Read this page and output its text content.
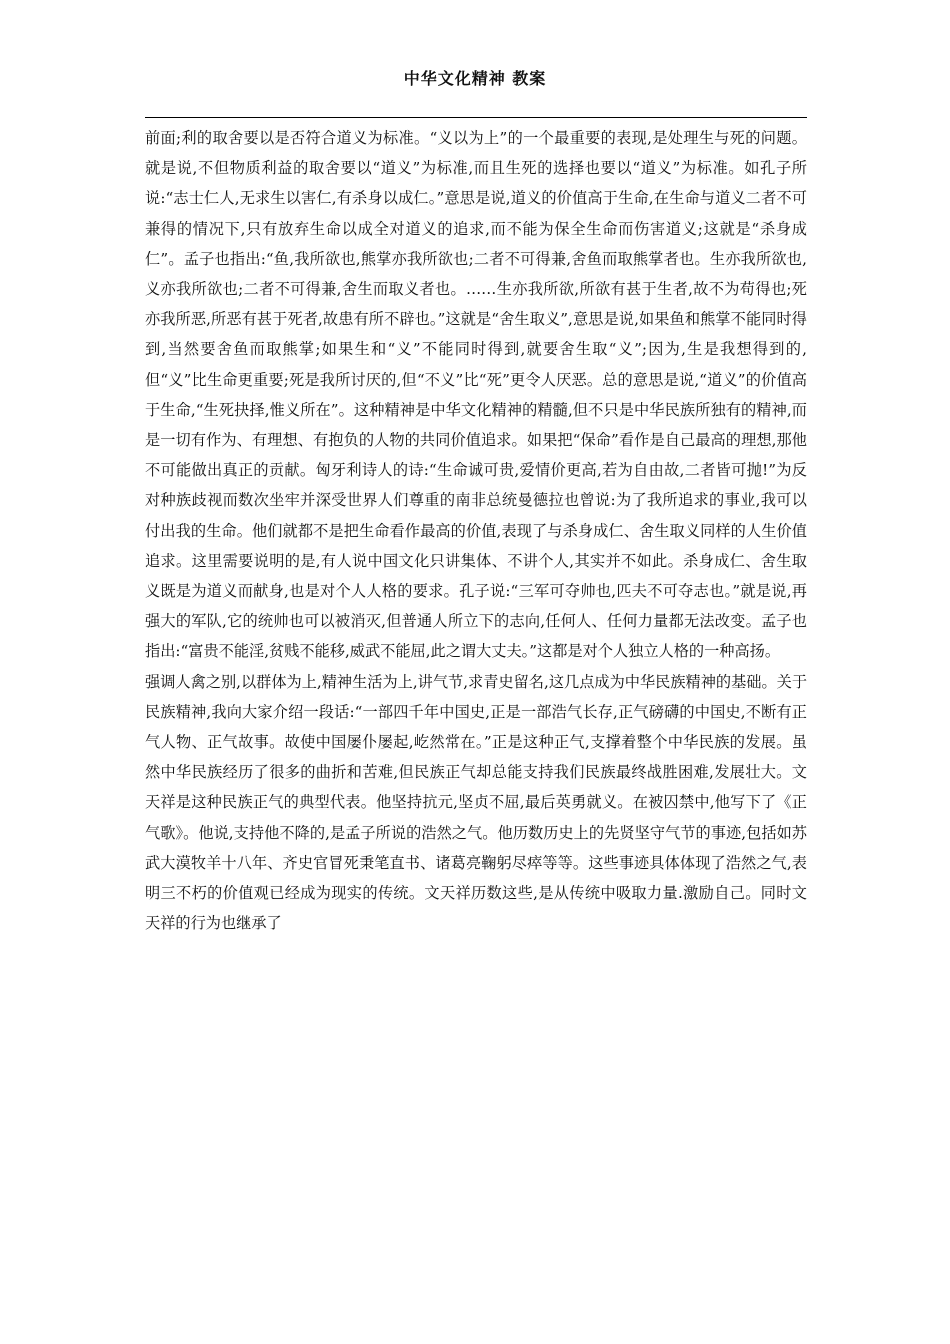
中华文化精神 教案

前面;利的取舍要以是否符合道义为标准。“义以为上”的一个最重要的表现,是处理生与死的问题。就是说,不但物质利益的取舍要以“道义”为标准,而且生死的选择也要以“道义”为标准。如孔子所说:“志士仁人,无求生以害仁,有杀身以成仁。”意思是说,道义的价值高于生命,在生命与道义二者不可兼得的情况下,只有放弃生命以成全对道义的追求,而不能为保全生命而伤害道义;这就是“杀身成仁”。孟子也指出:“鱼,我所欲也,熊掌亦我所欲也;二者不可得兼,舍鱼而取熊掌者也。生亦我所欲也,义亦我所欲也;二者不可得兼,舍生而取义者也。……生亦我所欲,所欲有甚于生者,故不为苟得也;死亦我所恶,所恶有甚于死者,故患有所不辟也。”这就是“舍生取义”,意思是说,如果鱼和熊掌不能同时得到,当然要舍鱼而取熊掌;如果生和“义”不能同时得到,就要舍生取“义”;因为,生是我想得到的,但“义”比生命更重要;死是我所讨厌的,但“不义”比“死”更令人厌恶。总的意思是说,“道义”的价值高于生命,“生死抉择,惟义所在”。这种精神是中华文化精神的精髓,但不只是中华民族所独有的精神,而是一切有作为、有理想、有抱负的人物的共同价值追求。如果把“保命”看作是自己最高的理想,那他不可能做出真正的贡献。匈牙利诗人的诗:“生命诚可贵,爱情价更高,若为自由故,二者皆可抛!”为反对种族歧视而数次坐牢并深受世界人们尊重的南非总统曼德拉也曾说:为了我所追求的事业,我可以付出我的生命。他们就都不是把生命看作最高的价值,表现了与杀身成仁、舍生取义同样的人生价值追求。这里需要说明的是,有人说中国文化只讲集体、不讲个人,其实并不如此。杀身成仁、舍生取义既是为道义而献身,也是对个人人格的要求。孔子说:“三军可夺帅也,匹夫不可夺志也。”就是说,再强大的军队,它的统帅也可以被消灭,但普通人所立下的志向,任何人、任何力量都无法改变。孟子也指出:“富贵不能淫,贫贱不能移,威武不能屈,此之谓大丈夫。”这都是对个人独立人格的一种高扬。

强调人禽之别,以群体为上,精神生活为上,讲气节,求青史留名,这几点成为中华民族精神的基础。关于民族精神,我向大家介绍一段话:“一部四千年中国史,正是一部浩气长存,正气磅礴的中国史,不断有正气人物、正气故事。故使中国屡仆屡起,屹然常在。”正是这种正气,支撑着整个中华民族的发展。虽然中华民族经历了很多的曲折和苦难,但民族正气却总能支持我们民族最终战胜困难,发展壮大。文天祥是这种民族正气的典型代表。他坚持抗元,坚贞不屈,最后英勇就义。在被囚禁中,他写下了《正气歌》。他说,支持他不降的,是孟子所说的浩然之气。他历数历史上的先贤坚守气节的事迹,包括如苏武大漠牧羊十八年、齐史官冒死秉笔直书、诸葛亮鞠躬尽瘁等等。这些事迹具体体现了浩然之气,表明三不朽的价值观已经成为现实的传统。文天祥历数这些,是从传统中吸取力量.激励自己。同时文天祥的行为也继承了
